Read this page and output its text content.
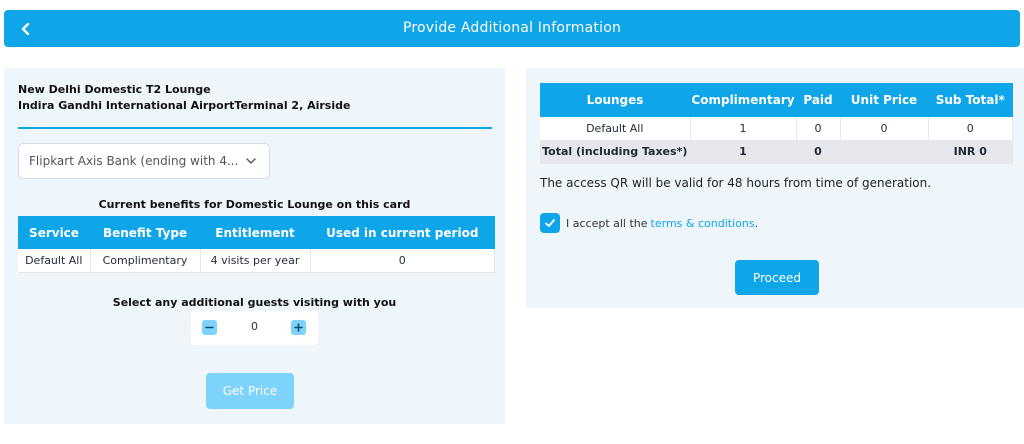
Provide Additional Information
New Delhi Domestic T2 Lounge
Indira Gandhi International AirportTerminal 2, Airside
Flipkart Axis Bank (ending with 4...
Current benefits for Domestic Lounge on this card
Service	Benefit Type	Entitlement	Used in current period
Default All	Complimentary	4 visits per year	0
Select any additional guests visiting with you
0
Get Price
Lounges	Complimentary	Paid	Unit Price	Sub Total*
Default All	1	0	0	0
Total (including Taxes*)	1	0		INR 0
The access QR will be valid for 48 hours from time of generation.
I accept all the terms & conditions .
Proceed
